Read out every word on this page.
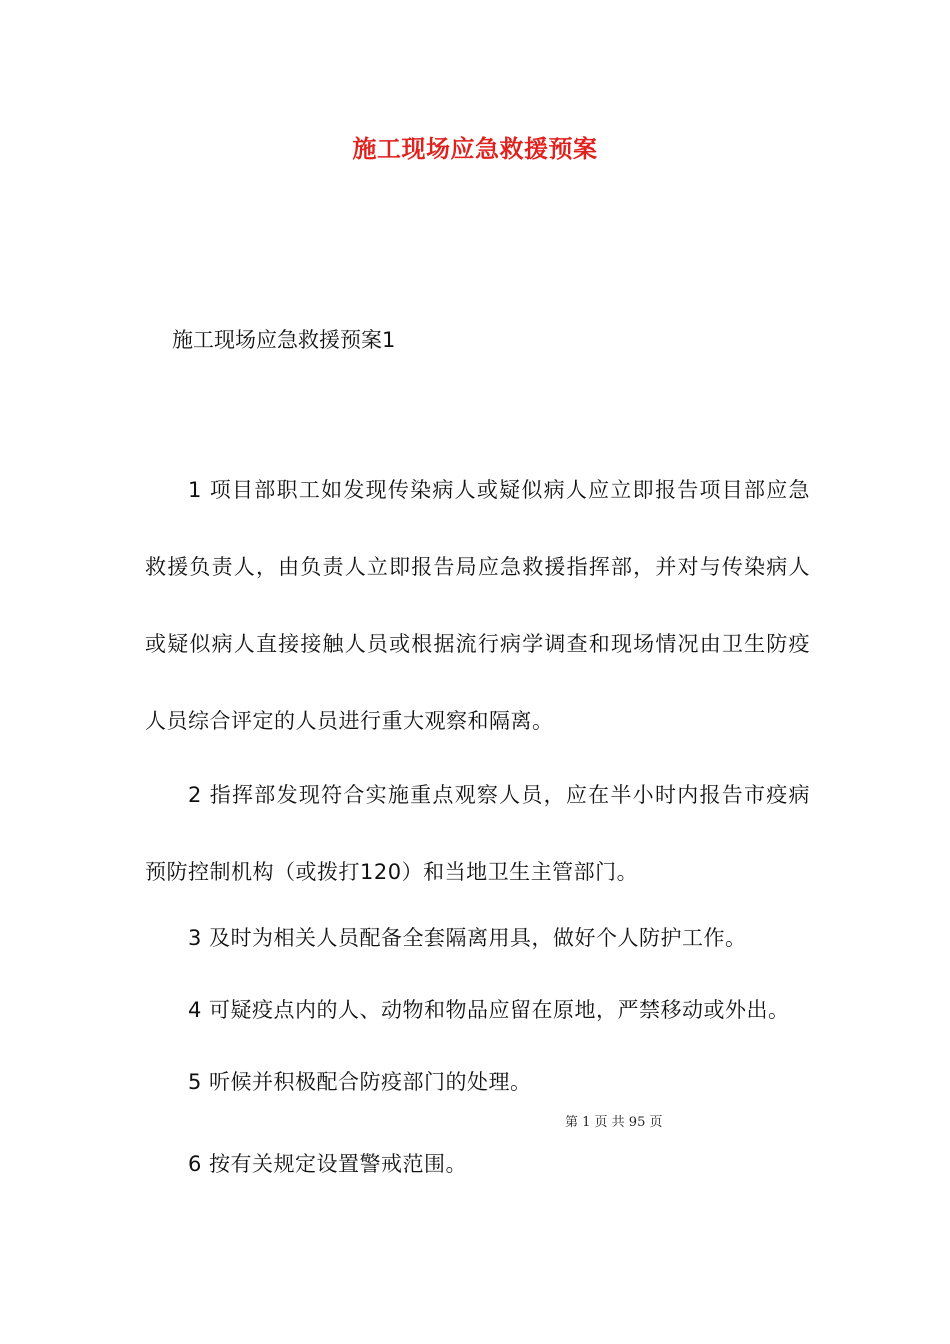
施工现场应急救援预案
施工现场应急救援预案1

1 项目部职工如发现传染病人或疑似病人应立即报告项目部应急救援负责人，由负责人立即报告局应急救援指挥部，并对与传染病人或疑似病人直接接触人员或根据流行病学调查和现场情况由卫生防疫人员综合评定的人员进行重大观察和隔离。

2 指挥部发现符合实施重点观察人员，应在半小时内报告市疫病预防控制机构（或拨打120）和当地卫生主管部门。

3 及时为相关人员配备全套隔离用具，做好个人防护工作。

4 可疑疫点内的人、动物和物品应留在原地，严禁移动或外出。

5 听候并积极配合防疫部门的处理。

第 1 页 共 95 页

6 按有关规定设置警戒范围。
